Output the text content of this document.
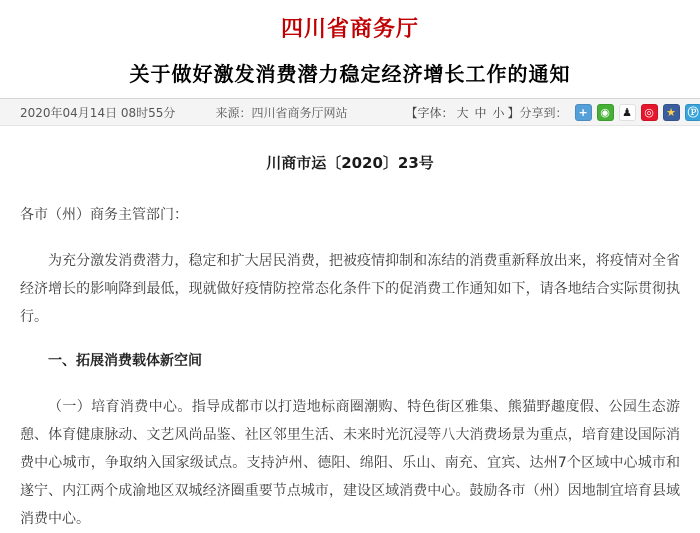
四川省商务厅
关于做好激发消费潜力稳定经济增长工作的通知
2020年04月14日 08时55分	来源：四川省商务厅网站	【字体： 大 中 小 】 分享到： +	◉	♟	◎	★	Ⓟ
川商市运〔2020〕23号

各市（州）商务主管部门：

为充分激发消费潜力，稳定和扩大居民消费，把被疫情抑制和冻结的消费重新释放出来，将疫情对全省经济增长的影响降到最低，现就做好疫情防控常态化条件下的促消费工作通知如下，请各地结合实际贯彻执行。

一、拓展消费载体新空间

（一）培育消费中心。指导成都市以打造地标商圈潮购、特色街区雅集、熊猫野趣度假、公园生态游憩、体育健康脉动、文艺风尚品鉴、社区邻里生活、未来时光沉浸等八大消费场景为重点，培育建设国际消费中心城市，争取纳入国家级试点。支持泸州、德阳、绵阳、乐山、南充、宜宾、达州7个区域中心城市和遂宁、内江两个成渝地区双城经济圈重要节点城市，建设区域消费中心。鼓励各市（州）因地制宜培育县域消费中心。
